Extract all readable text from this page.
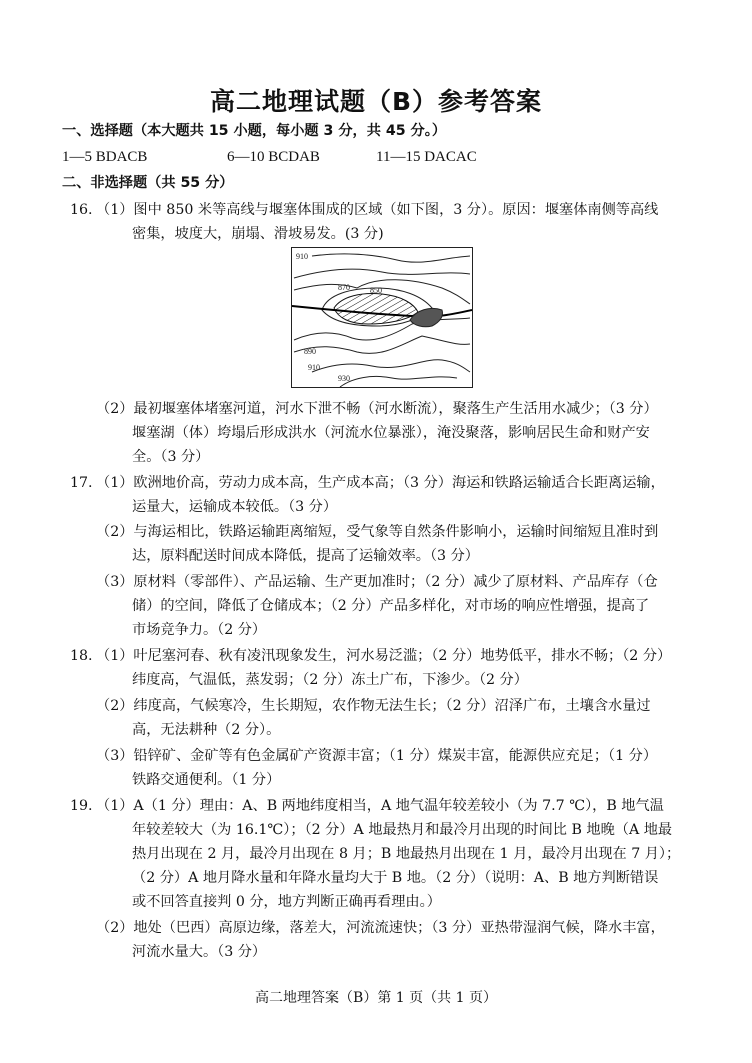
高二地理试题（B）参考答案
一、选择题（本大题共 15 小题，每小题 3 分，共 45 分。）
1—5 BDACB	6—10 BCDAB	11—15 DACAC
二、非选择题（共 55 分）
16. （1）图中 850 米等高线与堰塞体围成的区域（如下图，3 分）。原因：堰塞体南侧等高线
密集，坡度大，崩塌、滑坡易发。(3 分)
910
870	850
890
910
930
（2）最初堰塞体堵塞河道，河水下泄不畅（河水断流），聚落生产生活用水减少；（3 分）
堰塞湖（体）垮塌后形成洪水（河流水位暴涨），淹没聚落，影响居民生命和财产安
全。（3 分）
17. （1）欧洲地价高，劳动力成本高，生产成本高；（3 分）海运和铁路运输适合长距离运输，
运量大，运输成本较低。（3 分）
（2）与海运相比，铁路运输距离缩短，受气象等自然条件影响小，运输时间缩短且准时到
达，原料配送时间成本降低，提高了运输效率。（3 分）
（3）原材料（零部件）、产品运输、生产更加准时；（2 分）减少了原材料、产品库存（仓
储）的空间，降低了仓储成本；（2 分）产品多样化，对市场的响应性增强，提高了
市场竞争力。（2 分）
18. （1）叶尼塞河春、秋有凌汛现象发生，河水易泛滥；（2 分）地势低平，排水不畅；（2 分）
纬度高，气温低，蒸发弱；（2 分）冻土广布，下渗少。（2 分）
（2）纬度高，气候寒冷，生长期短，农作物无法生长；（2 分）沼泽广布，土壤含水量过
高，无法耕种（2 分）。
（3）铅锌矿、金矿等有色金属矿产资源丰富；（1 分）煤炭丰富，能源供应充足；（1 分）
铁路交通便利。（1 分）
19. （1）A（1 分）理由：A、B 两地纬度相当，A 地气温年较差较小（为 7.7 ℃），B 地气温
年较差较大（为 16.1℃）；（2 分）A 地最热月和最冷月出现的时间比 B 地晚（A 地最
热月出现在 2 月，最冷月出现在 8 月；B 地最热月出现在 1 月，最冷月出现在 7 月）；
（2 分）A 地月降水量和年降水量均大于 B 地。（2 分）（说明：A、B 地方判断错误
或不回答直接判 0 分，地方判断正确再看理由。）
（2）地处（巴西）高原边缘，落差大，河流流速快；（3 分）亚热带湿润气候，降水丰富，
河流水量大。（3 分）
高二地理答案（B）第 1 页（共 1 页）
